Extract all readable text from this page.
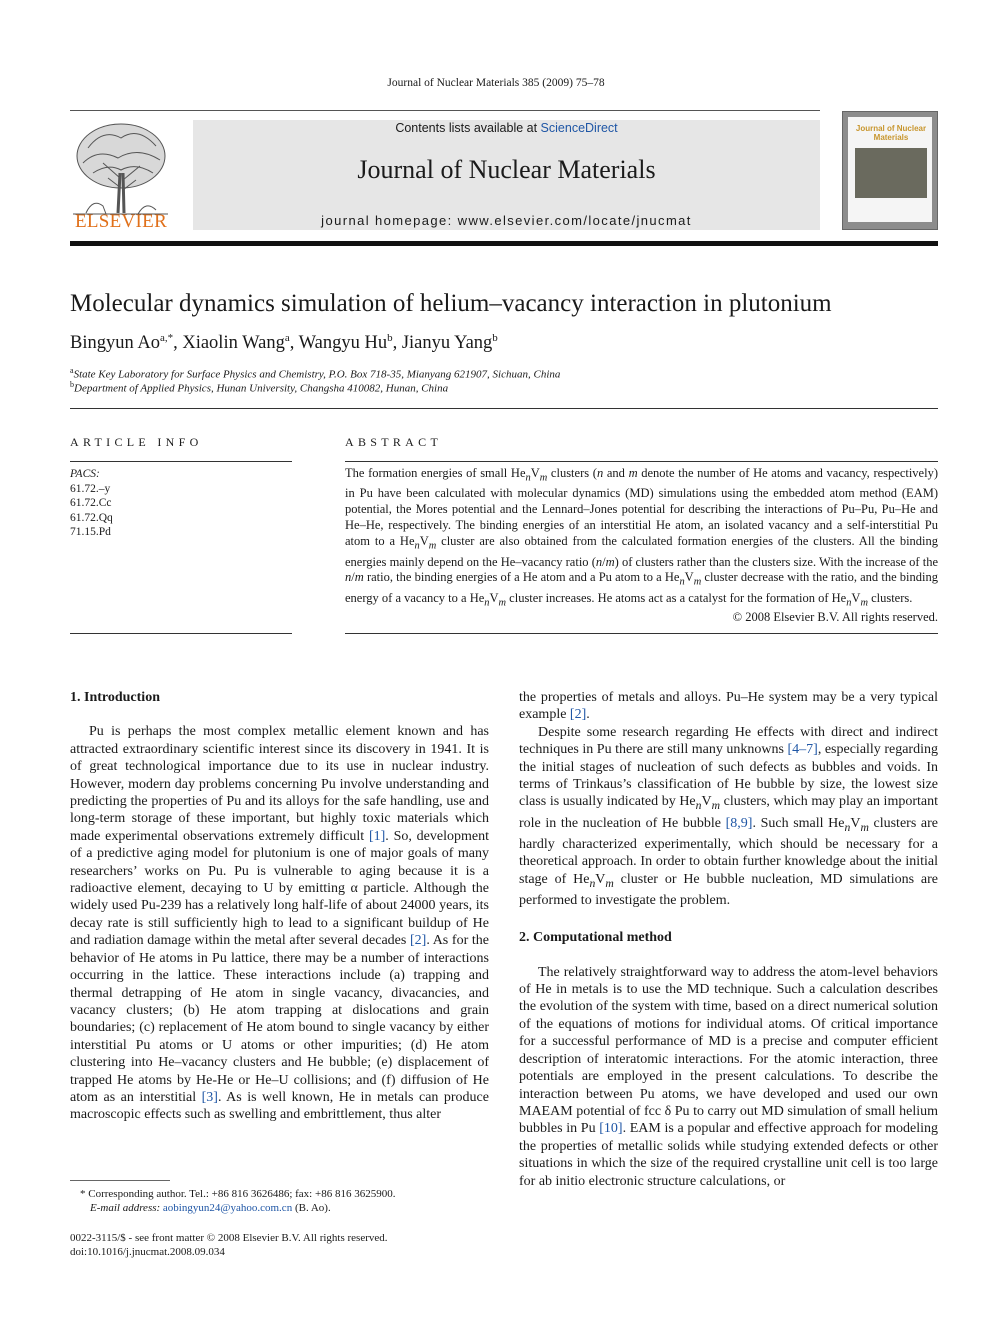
Journal of Nuclear Materials 385 (2009) 75–78
ELSEVIER
Contents lists available at ScienceDirect
Journal of Nuclear Materials
journal homepage: www.elsevier.com/locate/jnucmat
Journal of Nuclear Materials
Molecular dynamics simulation of helium–vacancy interaction in plutonium
Bingyun $Ao^{a,*}$, Xiaolin Wang$^a$, Wangyu Hu$^b$, Jianyu Yang$^b$
$^a$State Key Laboratory for Surface Physics and Chemistry, P.O. Box 718-35, Mianyang 621907, Sichuan, China
$^b$Department of Applied Physics, Hunan University, Changsha 410082, Hunan, China
ARTICLE INFO
PACS:
61.72.–y
61.72.Cc
61.72.Qq
71.15.Pd
ABSTRACT
The formation energies of small $He_nV_m$ clusters (n and m denote the number of He atoms and vacancy, respectively) in Pu have been calculated with molecular dynamics (MD) simulations using the embedded atom method (EAM) potential, the Mores potential and the Lennard–Jones potential for describing the interactions of Pu–Pu, Pu–He and He–He, respectively. The binding energies of an interstitial He atom, an isolated vacancy and a self-interstitial Pu atom to a $He_nV_m$ cluster are also obtained from the calculated formation energies of the clusters. All the binding energies mainly depend on the He–vacancy ratio (n/m) of clusters rather than the clusters size. With the increase of the n/m ratio, the binding energies of a He atom and a Pu atom to a $He_nV_m$ cluster decrease with the ratio, and the binding energy of a vacancy to a $He_nV_m$ cluster increases. He atoms act as a catalyst for the formation of $He_nV_m$ clusters.
© 2008 Elsevier B.V. All rights reserved.
1. Introduction

Pu is perhaps the most complex metallic element known and has attracted extraordinary scientific interest since its discovery in 1941. It is of great technological importance due to its use in nuclear industry. However, modern day problems concerning Pu involve understanding and predicting the properties of Pu and its alloys for the safe handling, use and long-term storage of these important, but highly toxic materials which made experimental observations extremely difficult [1]. So, development of a predictive aging model for plutonium is one of major goals of many researchers’ works on Pu. Pu is vulnerable to aging because it is a radioactive element, decaying to U by emitting α particle. Although the widely used Pu-239 has a relatively long half-life of about 24000 years, its decay rate is still sufficiently high to lead to a significant buildup of He and radiation damage within the metal after several decades [2]. As for the behavior of He atoms in Pu lattice, there may be a number of interactions occurring in the lattice. These interactions include (a) trapping and thermal detrapping of He atom in single vacancy, divacancies, and vacancy clusters; (b) He atom trapping at dislocations and grain boundaries; (c) replacement of He atom bound to single vacancy by either interstitial Pu atoms or U atoms or other impurities; (d) He atom clustering into He–vacancy clusters and He bubble; (e) displacement of trapped He atoms by He-He or He–U collisions; and (f) diffusion of He atom as an interstitial [3]. As is well known, He in metals can produce macroscopic effects such as swelling and embrittlement, thus alter

* Corresponding author. Tel.: +86 816 3626486; fax: +86 816 3625900.
E-mail address: aobingyun24@yahoo.com.cn (B. Ao).
0022-3115/$ - see front matter © 2008 Elsevier B.V. All rights reserved.
doi:10.1016/j.jnucmat.2008.09.034

the properties of metals and alloys. Pu–He system may be a very typical example [2].

Despite some research regarding He effects with direct and indirect techniques in Pu there are still many unknowns [4–7], especially regarding the initial stages of nucleation of such defects as bubbles and voids. In terms of Trinkaus’s classification of He bubble by size, the lowest size class is usually indicated by $He_nV_m$ clusters, which may play an important role in the nucleation of He bubble [8,9]. Such small $He_nV_m$ clusters are hardly characterized experimentally, which should be necessary for a theoretical approach. In order to obtain further knowledge about the initial stage of $He_nV_m$ cluster or He bubble nucleation, MD simulations are performed to investigate the problem.

2. Computational method

The relatively straightforward way to address the atom-level behaviors of He in metals is to use the MD technique. Such a calculation describes the evolution of the system with time, based on a direct numerical solution of the equations of motions for individual atoms. Of critical importance for a successful performance of MD is a precise and computer efficient description of interatomic interactions. For the atomic interaction, three potentials are employed in the present calculations. To describe the interaction between Pu atoms, we have developed and used our own MAEAM potential of fcc δ Pu to carry out MD simulation of small helium bubbles in Pu [10]. EAM is a popular and effective approach for modeling the properties of metallic solids while studying extended defects or other situations in which the size of the required crystalline unit cell is too large for ab initio electronic structure calculations, or
